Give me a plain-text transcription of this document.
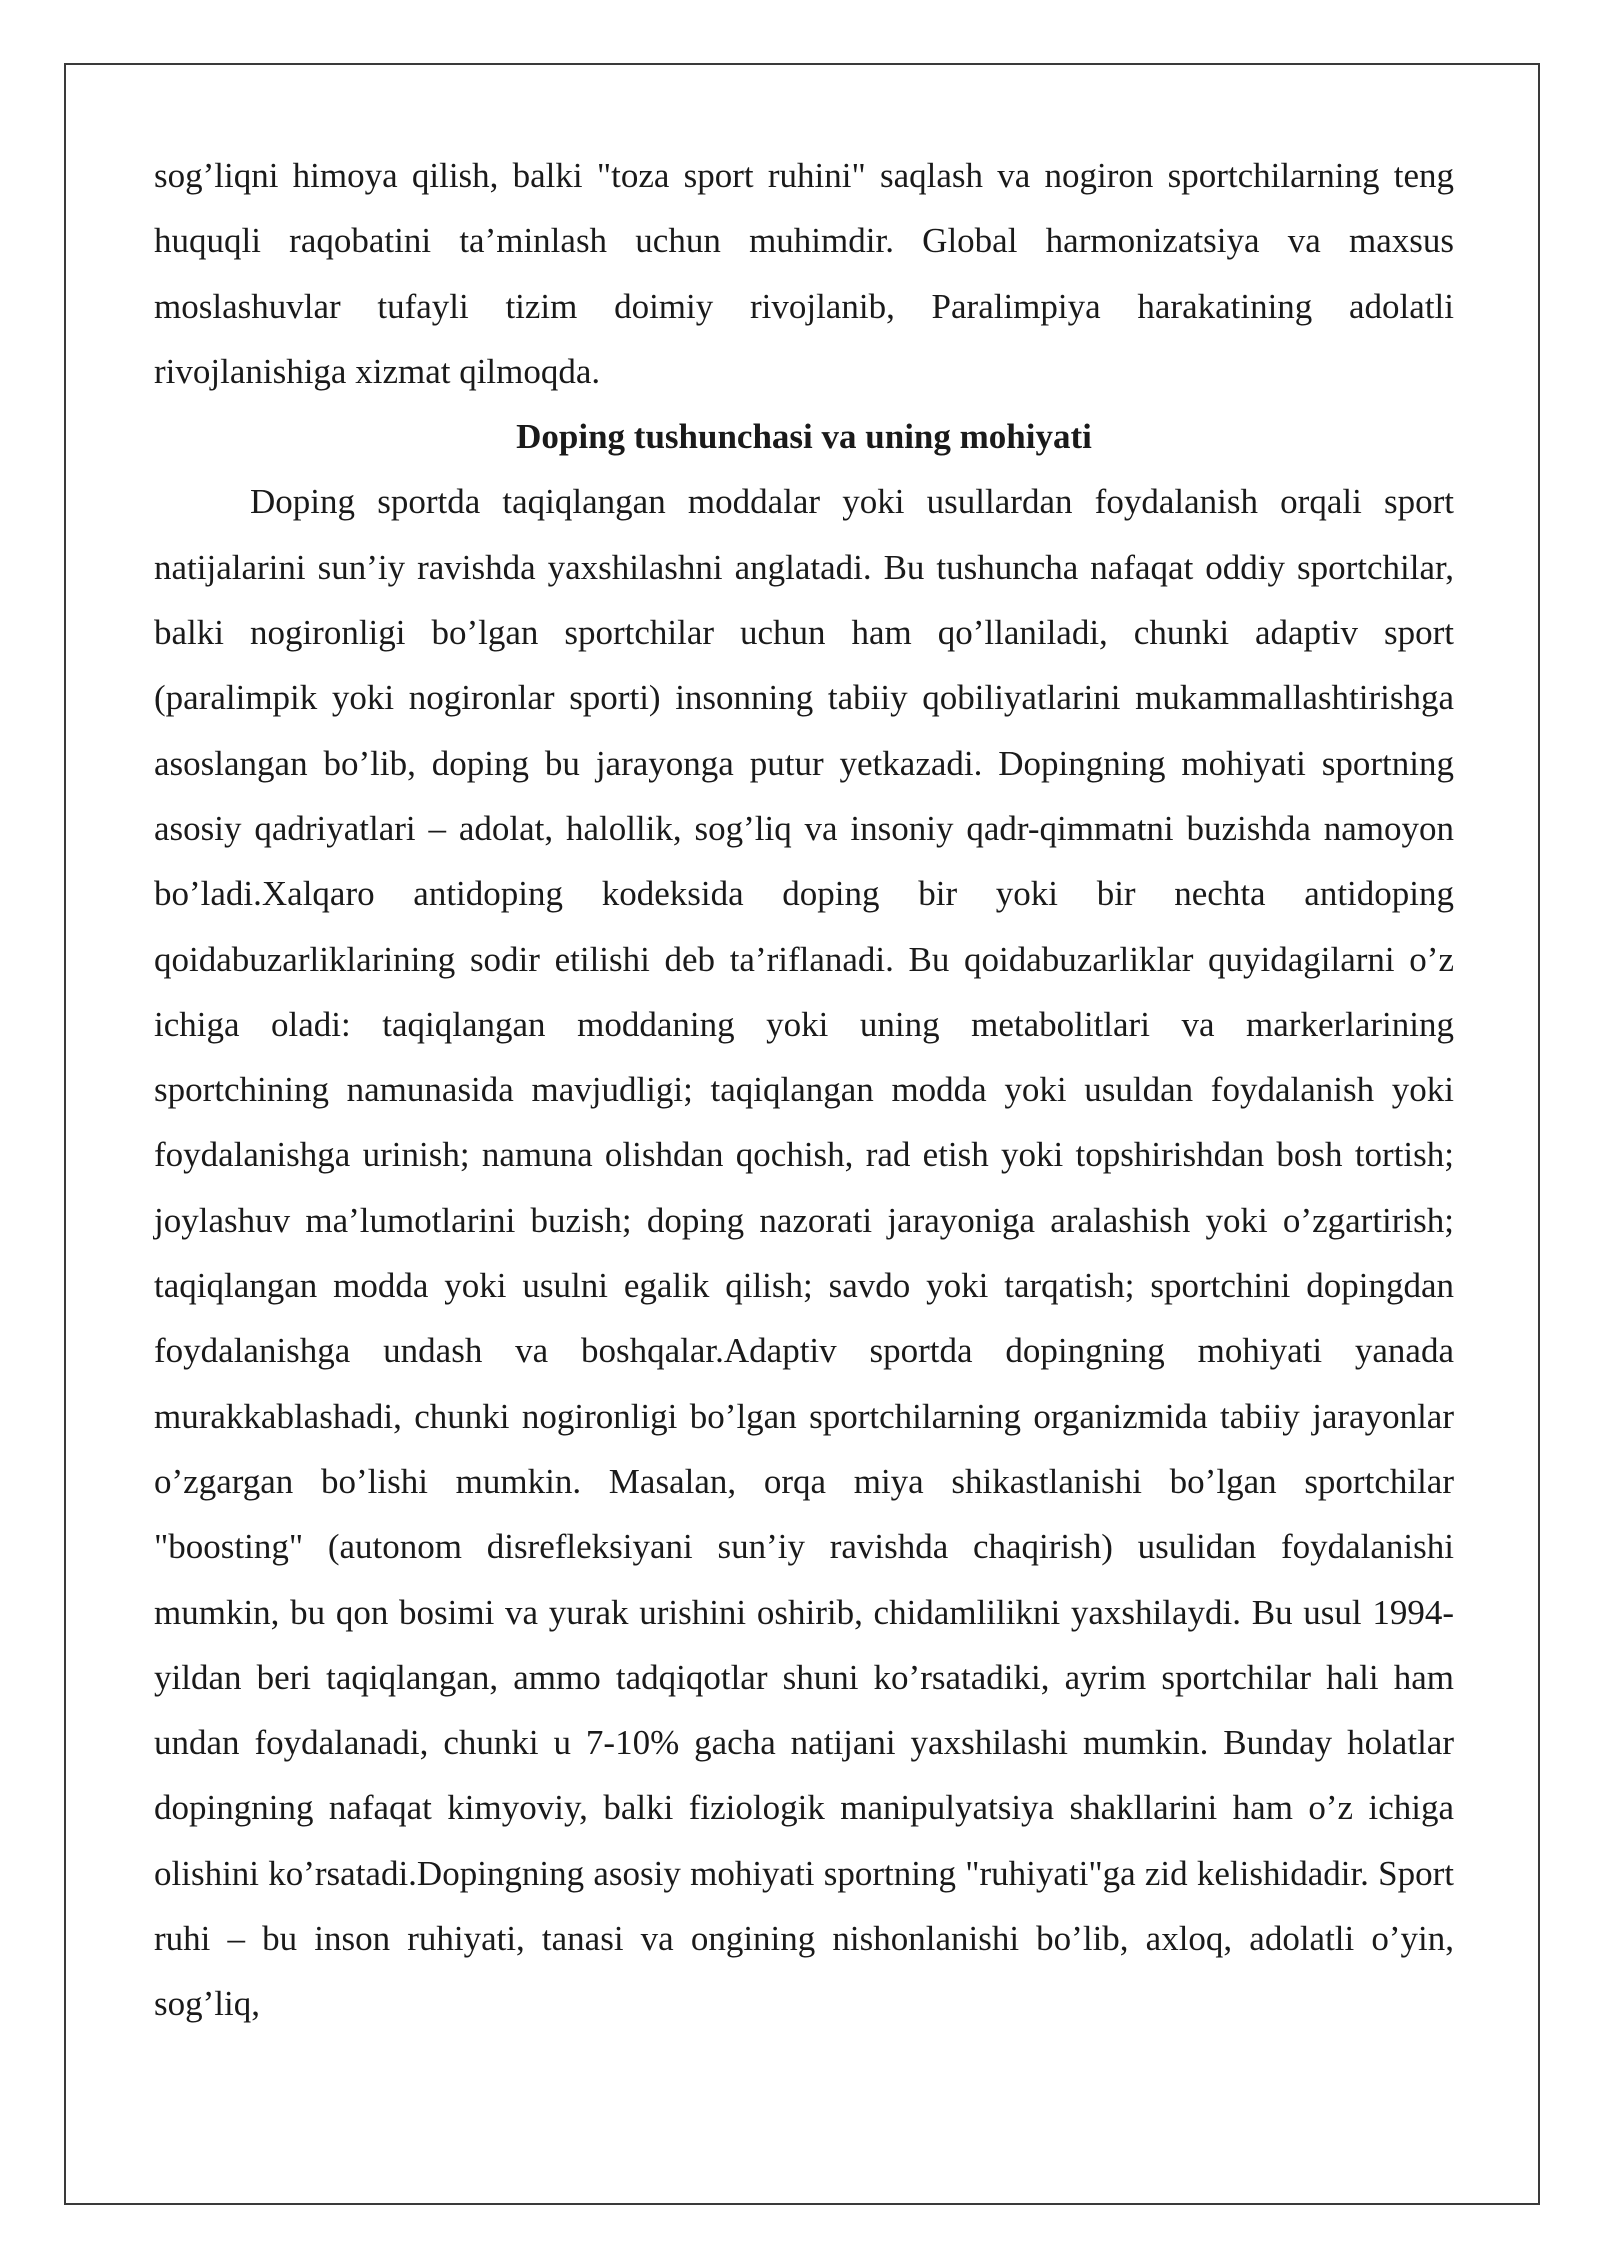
sog’liqni himoya qilish, balki "toza sport ruhini" saqlash va nogiron sportchilarning teng huquqli raqobatini ta’minlash uchun muhimdir. Global harmonizatsiya va maxsus moslashuvlar tufayli tizim doimiy rivojlanib, Paralimpiya harakatining adolatli rivojlanishiga xizmat qilmoqda.

Doping tushunchasi va uning mohiyati

Doping sportda taqiqlangan moddalar yoki usullardan foydalanish orqali sport natijalarini sun’iy ravishda yaxshilashni anglatadi. Bu tushuncha nafaqat oddiy sportchilar, balki nogironligi bo’lgan sportchilar uchun ham qo’llaniladi, chunki adaptiv sport (paralimpik yoki nogironlar sporti) insonning tabiiy qobiliyatlarini mukammallashtirishga asoslangan bo’lib, doping bu jarayonga putur yetkazadi. Dopingning mohiyati sportning asosiy qadriyatlari – adolat, halollik, sog’liq va insoniy qadr-qimmatni buzishda namoyon bo’ladi.Xalqaro antidoping kodeksida doping bir yoki bir nechta antidoping qoidabuzarliklarining sodir etilishi deb ta’riflanadi. Bu qoidabuzarliklar quyidagilarni o’z ichiga oladi: taqiqlangan moddaning yoki uning metabolitlari va markerlarining sportchining namunasida mavjudligi; taqiqlangan modda yoki usuldan foydalanish yoki foydalanishga urinish; namuna olishdan qochish, rad etish yoki topshirishdan bosh tortish; joylashuv ma’lumotlarini buzish; doping nazorati jarayoniga aralashish yoki o’zgartirish; taqiqlangan modda yoki usulni egalik qilish; savdo yoki tarqatish; sportchini dopingdan foydalanishga undash va boshqalar.Adaptiv sportda dopingning mohiyati yanada murakkablashadi, chunki nogironligi bo’lgan sportchilarning organizmida tabiiy jarayonlar o’zgargan bo’lishi mumkin. Masalan, orqa miya shikastlanishi bo’lgan sportchilar "boosting" (autonom disrefleksiyani sun’iy ravishda chaqirish) usulidan foydalanishi mumkin, bu qon bosimi va yurak urishini oshirib, chidamlilikni yaxshilaydi. Bu usul 1994-yildan beri taqiqlangan, ammo tadqiqotlar shuni ko’rsatadiki, ayrim sportchilar hali ham undan foydalanadi, chunki u 7-10% gacha natijani yaxshilashi mumkin. Bunday holatlar dopingning nafaqat kimyoviy, balki fiziologik manipulyatsiya shakllarini ham o’z ichiga olishini ko’rsatadi.Dopingning asosiy mohiyati sportning "ruhiyati"ga zid kelishidadir. Sport ruhi – bu inson ruhiyati, tanasi va ongining nishonlanishi bo’lib, axloq, adolatli o’yin, sog’liq,
